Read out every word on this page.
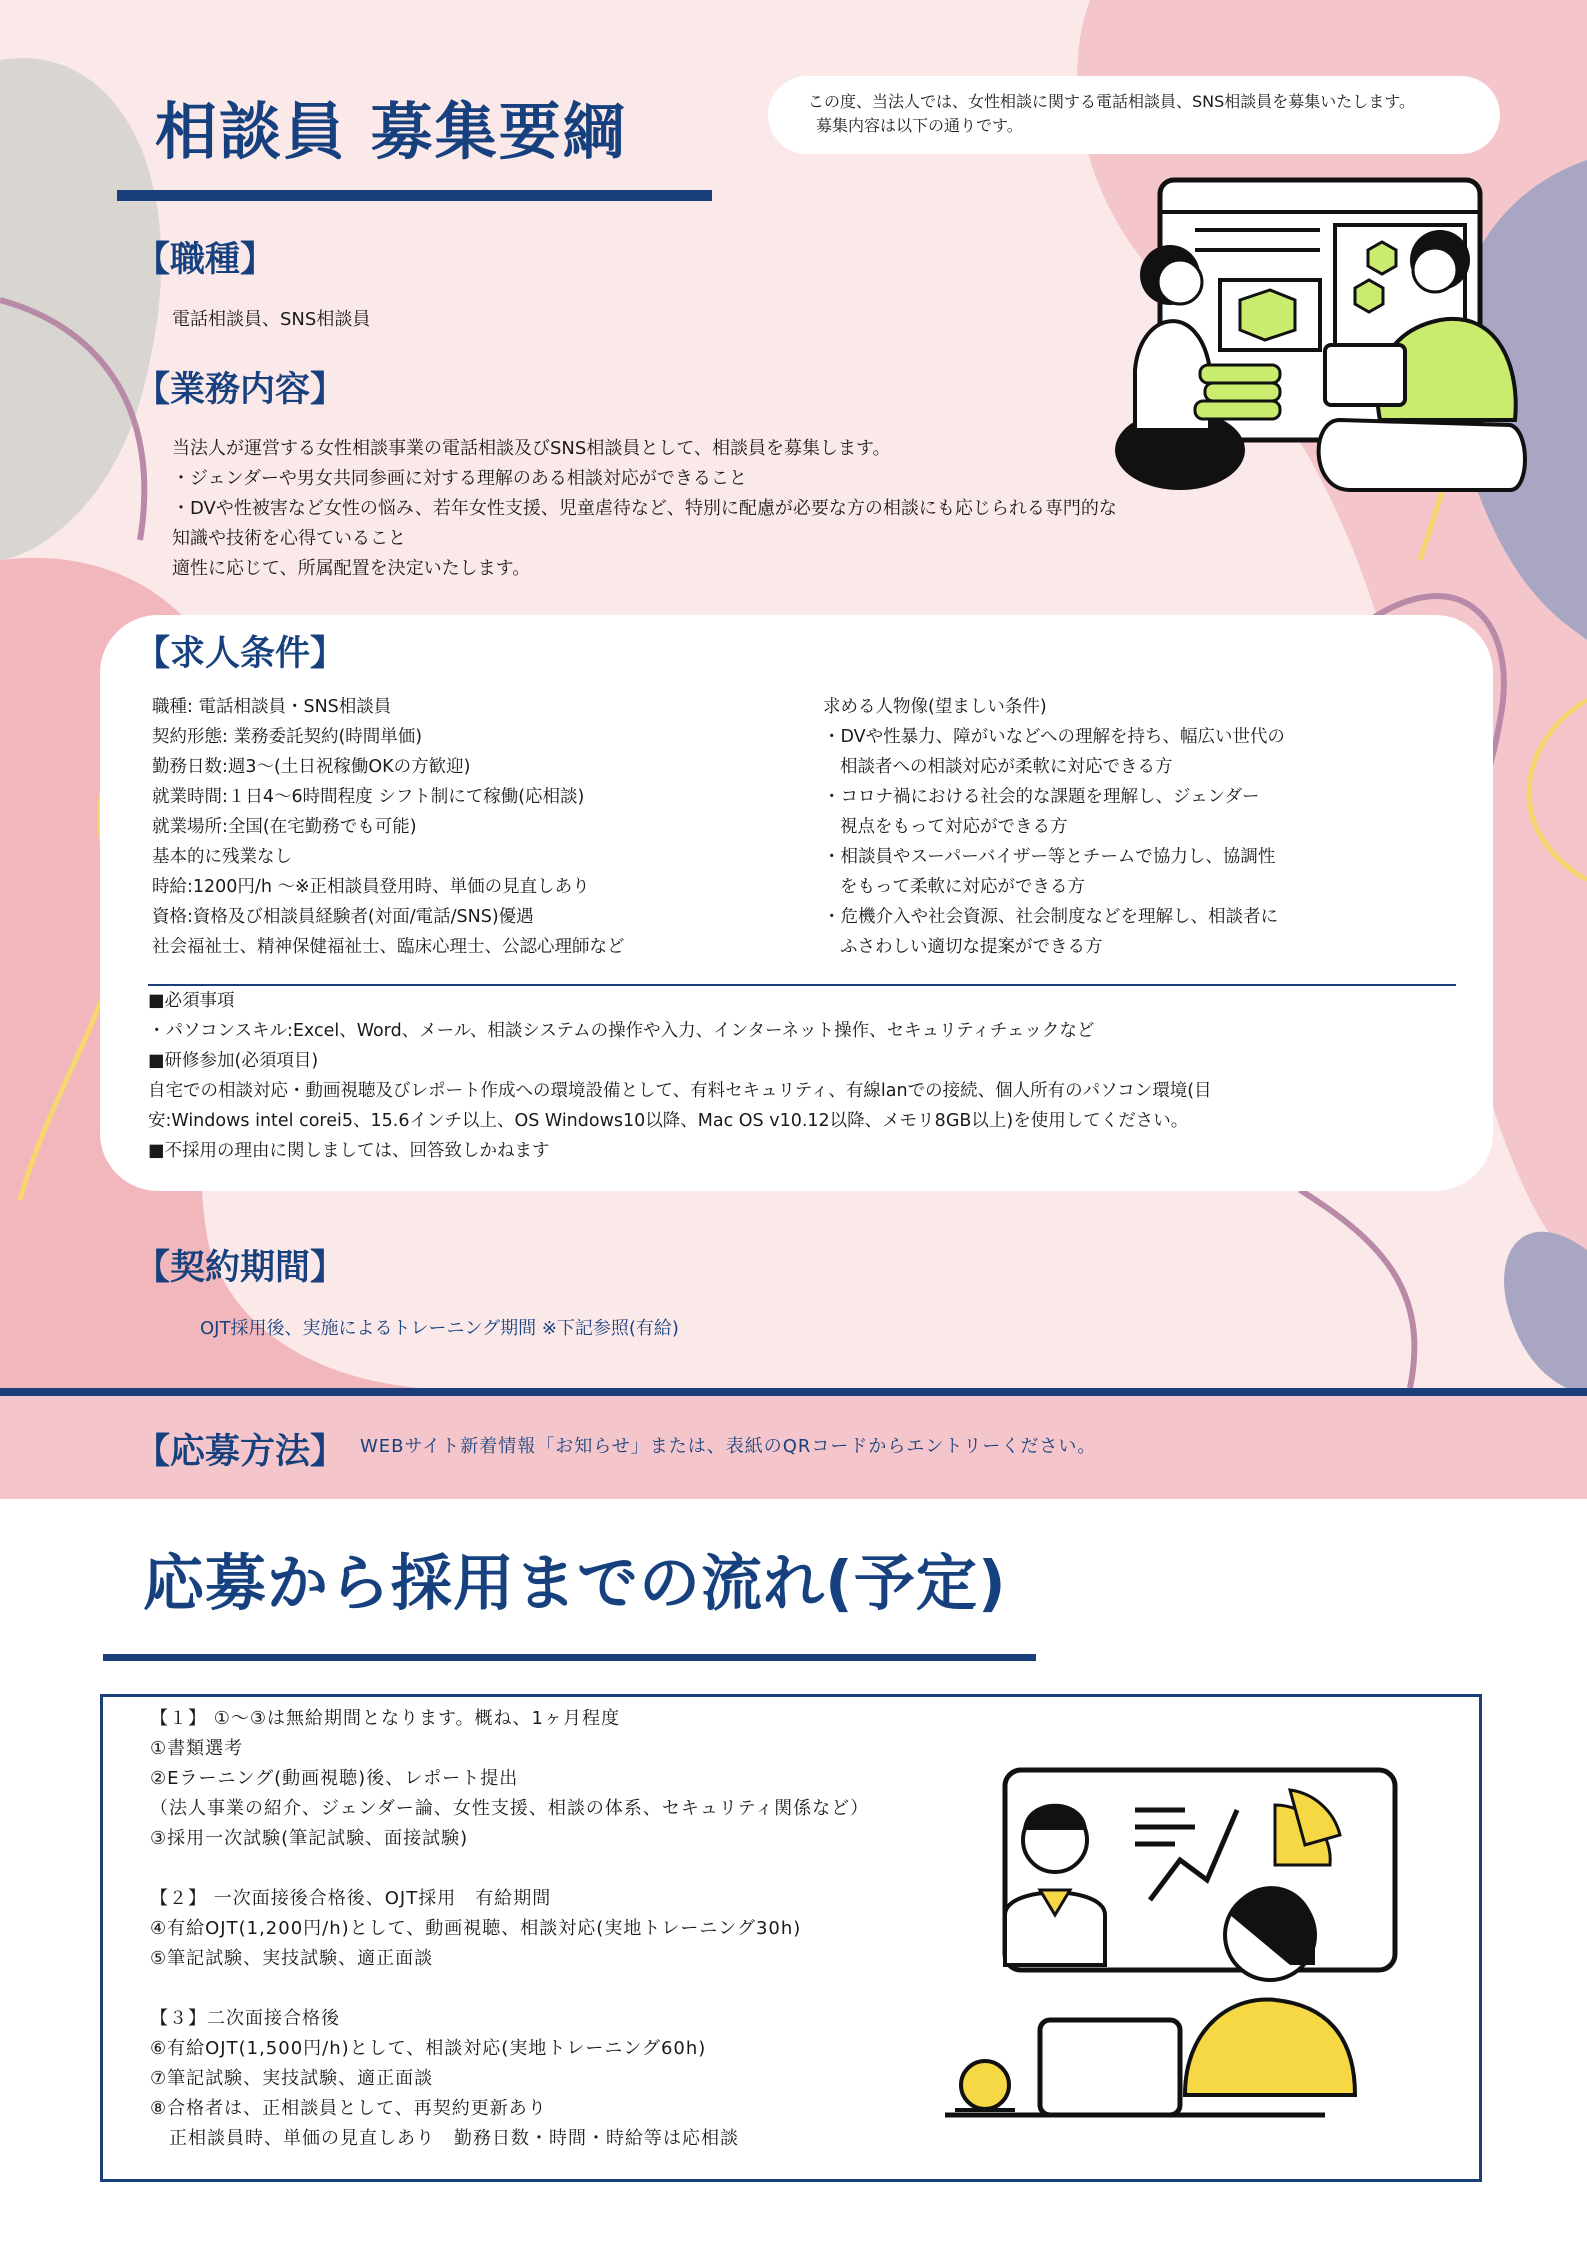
相談員 募集要綱	この度、当法人では、女性相談に関する電話相談員、SNS相談員を募集いたします。

募集内容は以下の通りです。

【職種】
電話相談員、SNS相談員
【業務内容】
当法人が運営する女性相談事業の電話相談及びSNS相談員として、相談員を募集します。
・ジェンダーや男女共同参画に対する理解のある相談対応ができること
・DVや性被害など女性の悩み、若年女性支援、児童虐待など、特別に配慮が必要な方の相談にも応じられる専門的な
知識や技術を心得ていること
適性に応じて、所属配置を決定いたします。
【求人条件】
職種: 電話相談員・SNS相談員
契約形態: 業務委託契約(時間単価)
勤務日数:週3～(土日祝稼働OKの方歓迎)
就業時間:１日4～6時間程度 シフト制にて稼働(応相談)
就業場所:全国(在宅勤務でも可能)
基本的に残業なし
時給:1200円/h ～※正相談員登用時、単価の見直しあり
資格:資格及び相談員経験者(対面/電話/SNS)優遇
社会福祉士、精神保健福祉士、臨床心理士、公認心理師など
求める人物像(望ましい条件)
・DVや性暴力、障がいなどへの理解を持ち、幅広い世代の
相談者への相談対応が柔軟に対応できる方
・コロナ禍における社会的な課題を理解し、ジェンダー
視点をもって対応ができる方
・相談員やスーパーバイザー等とチームで協力し、協調性
をもって柔軟に対応ができる方
・危機介入や社会資源、社会制度などを理解し、相談者に
ふさわしい適切な提案ができる方
■必須事項
・パソコンスキル:Excel、Word、メール、相談システムの操作や入力、インターネット操作、セキュリティチェックなど
■研修参加(必須項目)
自宅での相談対応・動画視聴及びレポート作成への環境設備として、有料セキュリティ、有線lanでの接続、個人所有のパソコン環境(目
安:Windows intel corei5、15.6インチ以上、OS Windows10以降、Mac OS v10.12以降、メモリ8GB以上)を使用してください。
■不採用の理由に関しましては、回答致しかねます
【契約期間】
OJT採用後、実施によるトレーニング期間 ※下記参照(有給)
【応募方法】 WEBサイト新着情報「お知らせ」または、表紙のQRコードからエントリーください。
応募から採用までの流れ(予定)
【１】 ①～③は無給期間となります。概ね、1ヶ月程度
①書類選考
②Eラーニング(動画視聴)後、レポート提出
（法人事業の紹介、ジェンダー論、女性支援、相談の体系、セキュリティ関係など）
③採用一次試験(筆記試験、面接試験)
【２】 一次面接後合格後、OJT採用　有給期間
④有給OJT(1,200円/h)として、動画視聴、相談対応(実地トレーニング30h)
⑤筆記試験、実技試験、適正面談
【３】二次面接合格後
⑥有給OJT(1,500円/h)として、相談対応(実地トレーニング60h)
⑦筆記試験、実技試験、適正面談
⑧合格者は、正相談員として、再契約更新あり
　正相談員時、単価の見直しあり　勤務日数・時間・時給等は応相談
